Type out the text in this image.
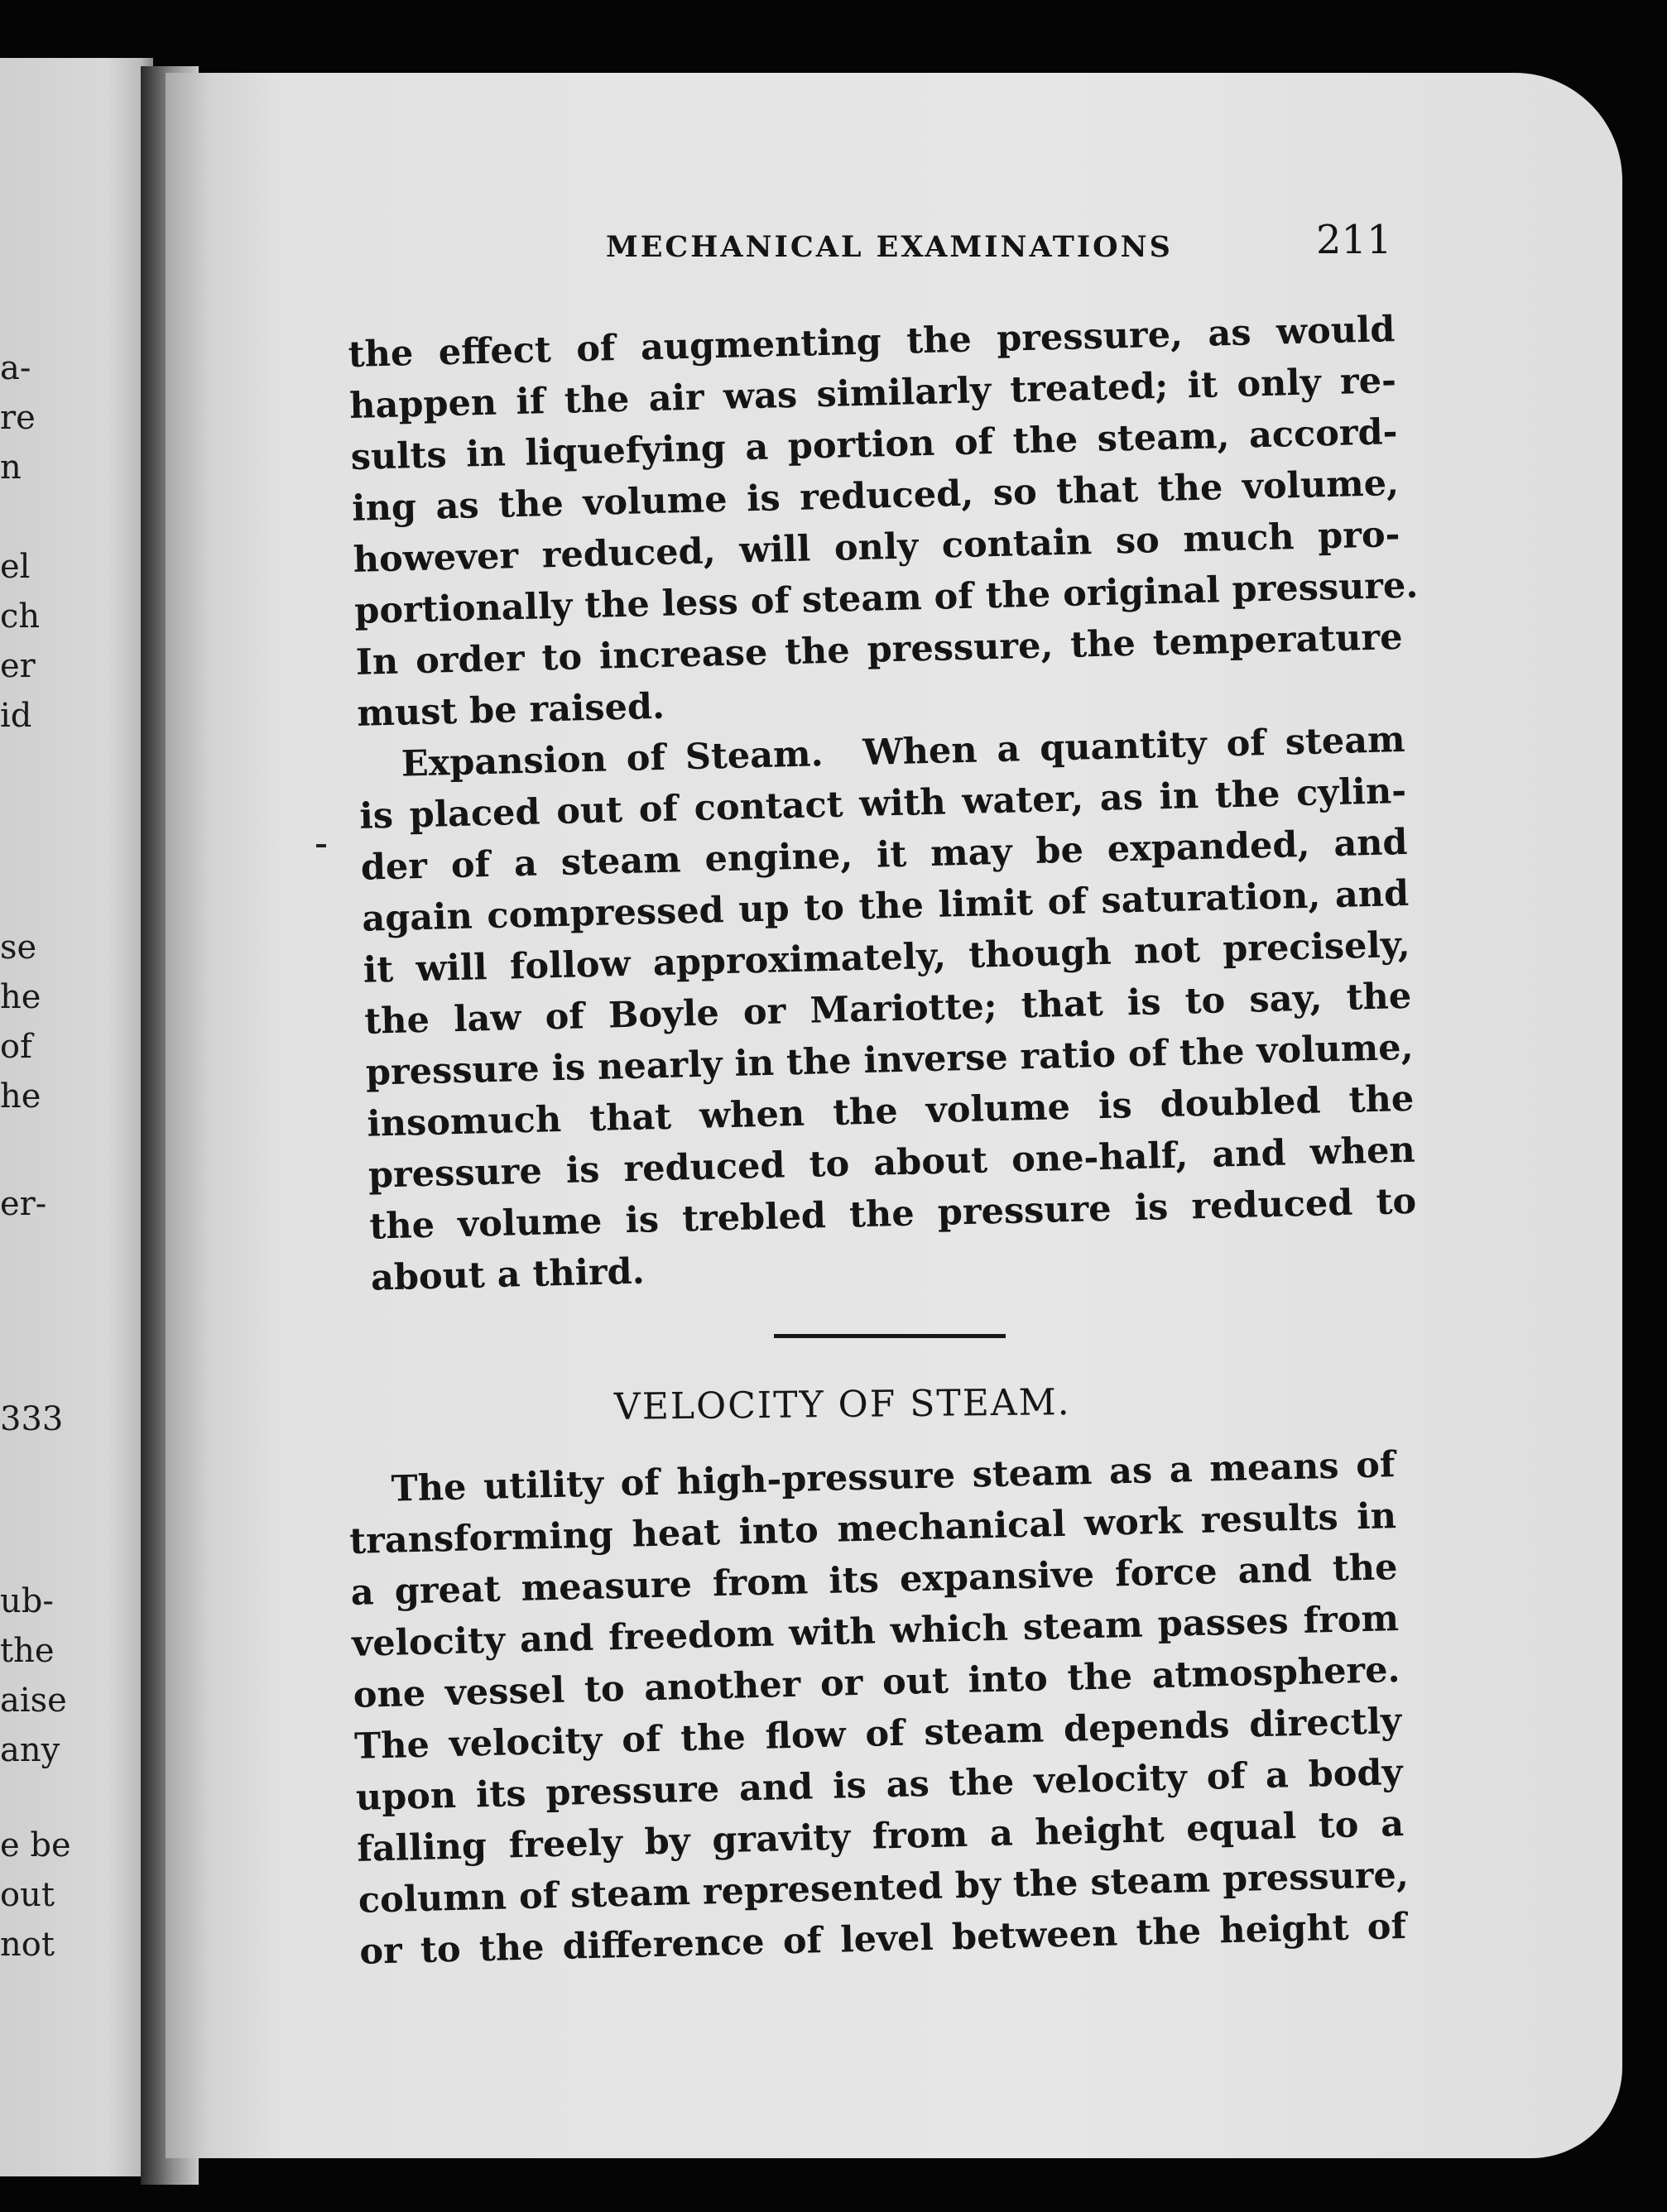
a-
re
n
el
ch
er
id
se
he
of
he
er-
333
ub-
the
aise
any
e be
out
not
MECHANICAL EXAMINATIONS	211
the effect of augmenting the pressure, as would
happen if the air was similarly treated; it only re-
sults in liquefying a portion of the steam, accord-
ing as the volume is reduced, so that the volume,
however reduced, will only contain so much pro-
portionally the less of steam of the original pressure.
In order to increase the pressure, the temperature
must be raised.
Expansion of Steam. When a quantity of steam
is placed out of contact with water, as in the cylin-
der of a steam engine, it may be expanded, and
again compressed up to the limit of saturation, and
it will follow approximately, though not precisely,
the law of Boyle or Mariotte; that is to say, the
pressure is nearly in the inverse ratio of the volume,
insomuch that when the volume is doubled the
pressure is reduced to about one-half, and when
the volume is trebled the pressure is reduced to
about a third.
VELOCITY OF STEAM.
The utility of high-pressure steam as a means of
transforming heat into mechanical work results in
a great measure from its expansive force and the
velocity and freedom with which steam passes from
one vessel to another or out into the atmosphere.
The velocity of the flow of steam depends directly
upon its pressure and is as the velocity of a body
falling freely by gravity from a height equal to a
column of steam represented by the steam pressure,
or to the difference of level between the height of
